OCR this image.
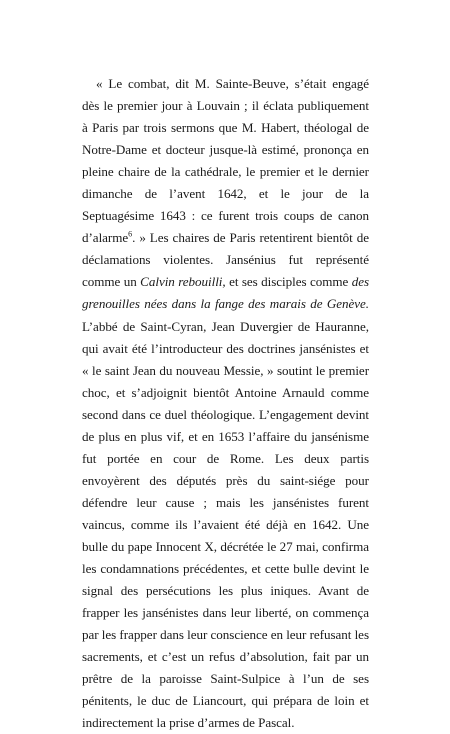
« Le combat, dit M. Sainte-Beuve, s’était engagé dès le premier jour à Louvain ; il éclata publiquement à Paris par trois sermons que M. Habert, théologal de Notre-Dame et docteur jusque-là estimé, prononça en pleine chaire de la cathédrale, le premier et le dernier dimanche de l’avent 1642, et le jour de la Septuagésime 1643 : ce furent trois coups de canon d’alarme$^6$. » Les chaires de Paris retentirent bientôt de déclamations violentes. Jansénius fut représenté comme un Calvin rebouilli, et ses disciples comme des grenouilles nées dans la fange des marais de Genève. L’abbé de Saint-Cyran, Jean Duvergier de Hauranne, qui avait été l’introducteur des doctrines jansénistes et « le saint Jean du nouveau Messie, » soutint le premier choc, et s’adjoignit bientôt Antoine Arnauld comme second dans ce duel théologique. L’engagement devint de plus en plus vif, et en 1653 l’affaire du jansénisme fut portée en cour de Rome. Les deux partis envoyèrent des députés près du saint-siége pour défendre leur cause ; mais les jansénistes furent vaincus, comme ils l’avaient été déjà en 1642. Une bulle du pape Innocent X, décrétée le 27 mai, confirma les condamnations précédentes, et cette bulle devint le signal des persécutions les plus iniques. Avant de frapper les jansénistes dans leur liberté, on commença par les frapper dans leur conscience en leur refusant les sacrements, et c’est un refus d’absolution, fait par un prêtre de la paroisse Saint-Sulpice à l’un de ses pénitents, le duc de Liancourt, qui prépara de loin et indirectement la prise d’armes de Pascal.
